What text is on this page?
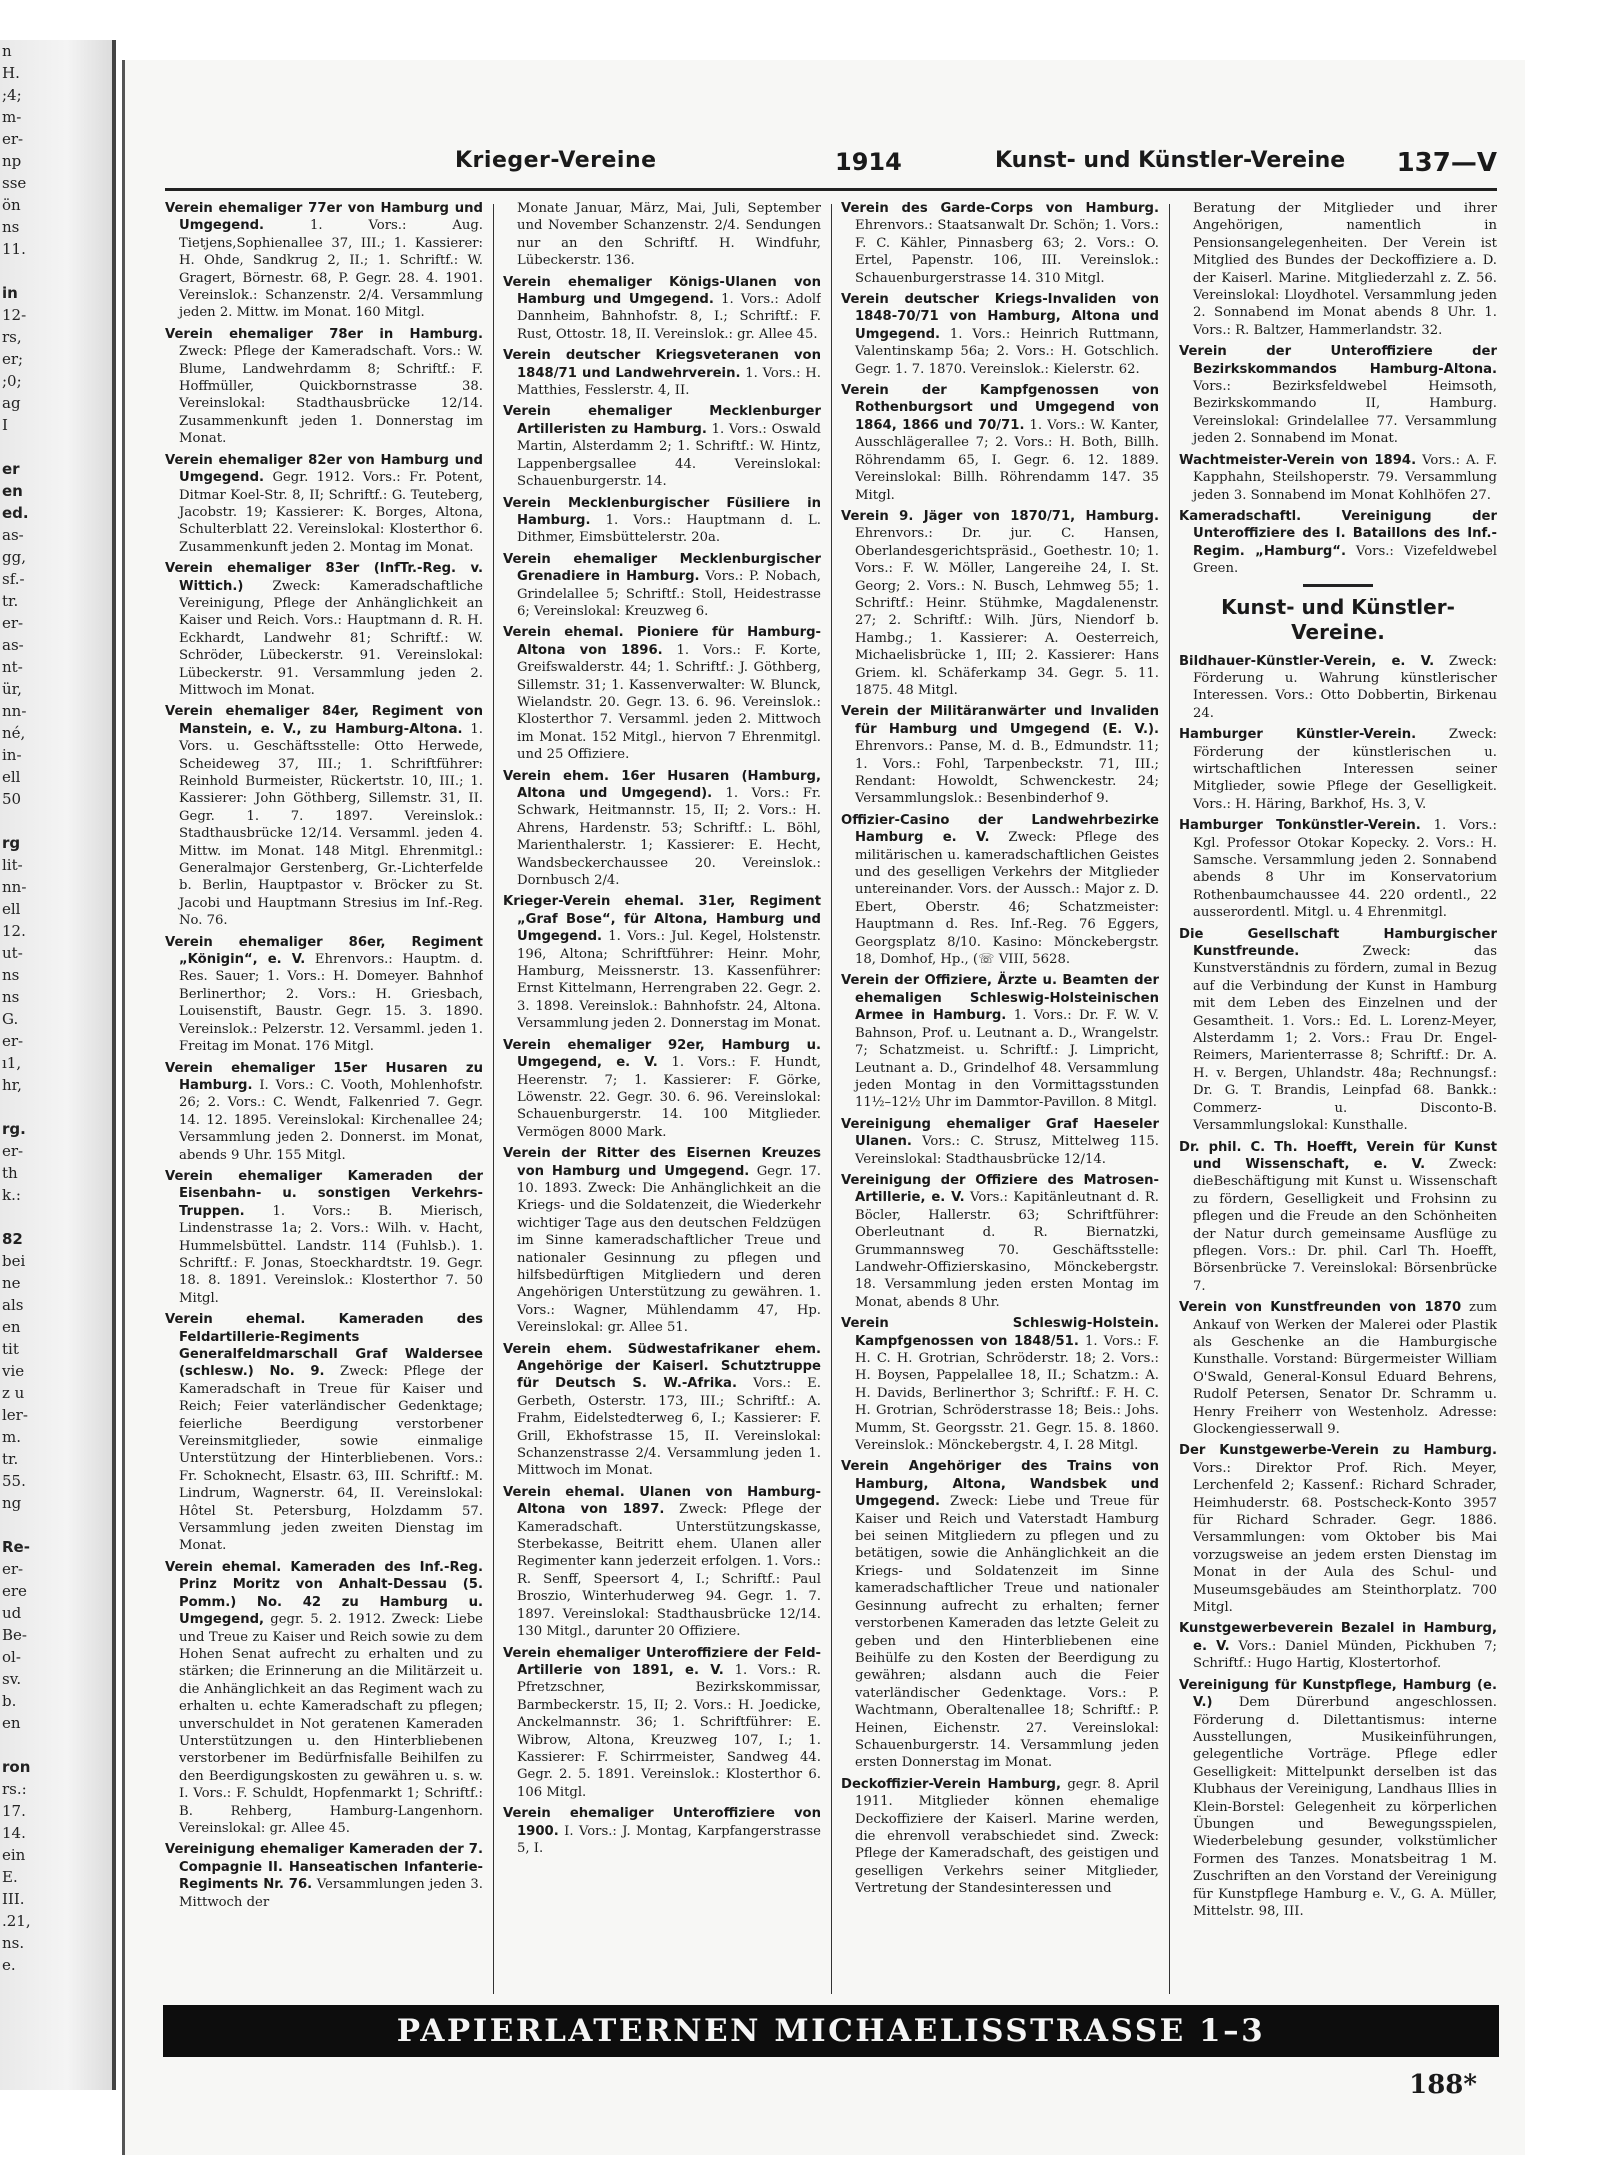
n
H.
;4;
m-
er-
np
sse
ön
ns
11.

in
12-
rs,
er;
;0;
ag
I

er
en
ed.
as-
gg,
sf.-
tr.
er-
as-
nt-
ür,
nn-
né,
in-
ell
50

rg
lit-
nn-
ell
12.
ut-
ns
ns
G.
er-
ı1,
hr,

rg.
er-
th
k.:

82
bei
ne
als
en
tit
vie
z u
ler-
m.
tr.
55.
ng

Re-
er-
ere
ud
Be-
ol-
sv.
b.
en

ron
rs.:
17.
14.
ein
E.
III.
.21,
ns.
e.
Krieger-Vereine	1914	Kunst- und Künstler-Vereine 137—V
Verein ehemaliger 77er von Hamburg und Umgegend.	1. Vors.: Aug. Tietjens,Sophienallee 37, III.; 1. Kassierer: H. Ohde, Sandkrug 2, II.; 1. Schriftf.: W. Gragert, Börnestr. 68, P. Gegr. 28. 4. 1901. Vereinslok.: Schanzenstr. 2/4. Versammlung jeden 2. Mittw. im Monat. 160 Mitgl.
Verein ehemaliger 78er in Hamburg. Zweck: Pflege der Kameradschaft. Vors.: W. Blume, Landwehrdamm 8; Schriftf.: F. Hoffmüller, Quickbornstrasse 38. Vereinslokal: Stadthausbrücke 12/14. Zusammenkunft jeden 1. Donnerstag im Monat.
Verein ehemaliger 82er von Hamburg und Umgegend. Gegr. 1912. Vors.: Fr. Potent, Ditmar Koel-Str. 8, II; Schriftf.: G. Teuteberg, Jacobstr. 19; Kassierer: K. Borges, Altona, Schulterblatt 22. Vereinslokal: Klosterthor 6. Zusammenkunft jeden 2. Montag im Monat.
Verein ehemaliger 83er (InfTr.-Reg. v. Wittich.) Zweck: Kameradschaftliche Vereinigung, Pflege der Anhänglichkeit an Kaiser und Reich. Vors.: Hauptmann d. R. H. Eckhardt, Landwehr 81; Schriftf.: W. Schröder, Lübeckerstr. 91. Vereinslokal: Lübeckerstr. 91. Versammlung jeden 2. Mittwoch im Monat.
Verein ehemaliger 84er, Regiment von Manstein, e. V., zu Hamburg-Altona. 1. Vors. u. Geschäftsstelle: Otto Herwede, Scheideweg 37, III.; 1. Schriftführer: Reinhold Burmeister, Rückertstr. 10, III.; 1. Kassierer: John Göthberg, Sillemstr. 31, II. Gegr. 1. 7. 1897. Vereinslok.: Stadthausbrücke 12/14. Versamml. jeden 4. Mittw. im Monat. 148 Mitgl. Ehrenmitgl.: Generalmajor Gerstenberg, Gr.-Lichterfelde b. Berlin, Hauptpastor v. Bröcker zu St. Jacobi und Hauptmann Stresius im Inf.-Reg. No. 76.
Verein ehemaliger 86er, Regiment „Königin“, e. V. Ehrenvors.: Hauptm. d. Res. Sauer; 1. Vors.: H. Domeyer. Bahnhof Berlinerthor; 2. Vors.: H. Griesbach, Louisenstift, Baustr. Gegr. 15. 3. 1890. Vereinslok.: Pelzerstr. 12. Versamml. jeden 1. Freitag im Monat. 176 Mitgl.
Verein ehemaliger 15er Husaren zu Hamburg. I. Vors.: C. Vooth, Mohlenhofstr. 26; 2. Vors.: C. Wendt, Falkenried 7. Gegr. 14. 12. 1895. Vereinslokal: Kirchenallee 24; Versammlung jeden 2. Donnerst. im Monat, abends 9 Uhr. 155 Mitgl.
Verein ehemaliger Kameraden der Eisenbahn- u. sonstigen Verkehrs-Truppen. 1. Vors.: B. Mierisch, Lindenstrasse 1a; 2. Vors.: Wilh. v. Hacht, Hummelsbüttel. Landstr. 114 (Fuhlsb.). 1. Schriftf.: F. Jonas, Stoeckhardtstr. 19. Gegr. 18. 8. 1891. Vereinslok.: Klosterthor 7. 50 Mitgl.
Verein ehemal. Kameraden des Feldartillerie-Regiments Generalfeldmarschall Graf Waldersee (schlesw.) No. 9. Zweck: Pflege der Kameradschaft in Treue für Kaiser und Reich; Feier vaterländischer Gedenktage; feierliche Beerdigung verstorbener Vereinsmitglieder, sowie einmalige Unterstützung der Hinterbliebenen. Vors.: Fr. Schoknecht, Elsastr. 63, III. Schriftf.: M. Lindrum, Wagnerstr. 64, II. Vereinslokal: Hôtel St. Petersburg, Holzdamm 57. Versammlung jeden zweiten Dienstag im Monat.
Verein ehemal. Kameraden des Inf.-Reg. Prinz Moritz von Anhalt-Dessau (5. Pomm.) No. 42 zu Hamburg u. Umgegend, gegr. 5. 2. 1912. Zweck: Liebe und Treue zu Kaiser und Reich sowie zu dem Hohen Senat aufrecht zu erhalten und zu stärken; die Erinnerung an die Militärzeit u. die Anhänglichkeit an das Regiment wach zu erhalten u. echte Kameradschaft zu pflegen; unverschuldet in Not geratenen Kameraden Unterstützungen u. den Hinterbliebenen verstorbener im Bedürfnisfalle Beihilfen zu den Beerdigungskosten zu gewähren u. s. w. I. Vors.: F. Schuldt, Hopfenmarkt 1; Schriftf.: B. Rehberg, Hamburg-Langenhorn. Vereinslokal: gr. Allee 45.
Vereinigung ehemaliger Kameraden der 7. Compagnie II. Hanseatischen Infanterie-Regiments Nr. 76. Versammlungen jeden 3. Mittwoch der
Monate Januar, März, Mai, Juli, September und November Schanzenstr. 2/4. Sendungen nur an den Schriftf. H. Windfuhr, Lübeckerstr. 136.
Verein ehemaliger Königs-Ulanen von Hamburg und Umgegend. 1. Vors.: Adolf Dannheim, Bahnhofstr. 8, I.; Schriftf.: F. Rust, Ottostr. 18, II. Vereinslok.: gr. Allee 45.
Verein deutscher Kriegsveteranen von 1848/71 und Landwehrverein. 1. Vors.: H. Matthies, Fesslerstr. 4, II.
Verein ehemaliger Mecklenburger Artilleristen zu Hamburg. 1. Vors.: Oswald Martin, Alsterdamm 2; 1. Schriftf.: W. Hintz, Lappenbergsallee 44. Vereinslokal: Schauenburgerstr. 14.
Verein Mecklenburgischer Füsiliere in Hamburg. 1. Vors.: Hauptmann d. L. Dithmer, Eimsbüttelerstr. 20a.
Verein ehemaliger Mecklenburgischer Grenadiere in Hamburg. Vors.: P. Nobach, Grindelallee 5; Schriftf.: Stoll, Heidestrasse 6; Vereinslokal: Kreuzweg 6.
Verein ehemal. Pioniere für Hamburg-Altona von 1896. 1. Vors.: F. Korte, Greifswalderstr. 44; 1. Schriftf.: J. Göthberg, Sillemstr. 31; 1. Kassenverwalter: W. Blunck, Wielandstr. 20. Gegr. 13. 6. 96. Vereinslok.: Klosterthor 7. Versamml. jeden 2. Mittwoch im Monat. 152 Mitgl., hiervon 7 Ehrenmitgl. und 25 Offiziere.
Verein ehem. 16er Husaren (Hamburg, Altona und Umgegend). 1. Vors.: Fr. Schwark, Heitmannstr. 15, II; 2. Vors.: H. Ahrens, Hardenstr. 53; Schriftf.: L. Böhl, Marienthalerstr. 1; Kassierer: E. Hecht, Wandsbeckerchaussee 20. Vereinslok.: Dornbusch 2/4.
Krieger-Verein ehemal. 31er, Regiment „Graf Bose“, für Altona, Hamburg und Umgegend. 1. Vors.: Jul. Kegel, Holstenstr. 196, Altona; Schriftführer: Heinr. Mohr, Hamburg, Meissnerstr. 13. Kassenführer: Ernst Kittelmann, Herrengraben 22. Gegr. 2. 3. 1898. Vereinslok.: Bahnhofstr. 24, Altona. Versammlung jeden 2. Donnerstag im Monat.
Verein ehemaliger 92er, Hamburg u. Umgegend, e. V. 1. Vors.: F. Hundt, Heerenstr. 7; 1. Kassierer: F. Görke, Löwenstr. 22. Gegr. 30. 6. 96. Vereinslokal: Schauenburgerstr. 14. 100 Mitglieder. Vermögen 8000 Mark.
Verein der Ritter des Eisernen Kreuzes von Hamburg und Umgegend. Gegr. 17. 10. 1893. Zweck: Die Anhänglichkeit an die Kriegs- und die Soldatenzeit, die Wiederkehr wichtiger Tage aus den deutschen Feldzügen im Sinne kameradschaftlicher Treue und nationaler Gesinnung zu pflegen und hilfsbedürftigen Mitgliedern und deren Angehörigen Unterstützung zu gewähren. 1. Vors.: Wagner, Mühlendamm 47, Hp. Vereinslokal: gr. Allee 51.
Verein ehem. Südwestafrikaner ehem. Angehörige der Kaiserl. Schutztruppe für Deutsch S. W.-Afrika. Vors.: E. Gerbeth, Osterstr. 173, III.; Schriftf.: A. Frahm, Eidelstedterweg 6, I.; Kassierer: F. Grill, Ekhofstrasse 15, II. Vereinslokal: Schanzenstrasse 2/4. Versammlung jeden 1. Mittwoch im Monat.
Verein ehemal. Ulanen von Hamburg-Altona von 1897. Zweck: Pflege der Kameradschaft. Unterstützungskasse, Sterbekasse, Beitritt ehem. Ulanen aller Regimenter kann jederzeit erfolgen. 1. Vors.: R. Senff, Speersort 4, I.; Schriftf.: Paul Broszio, Winterhuderweg 94. Gegr. 1. 7. 1897. Vereinslokal: Stadthausbrücke 12/14. 130 Mitgl., darunter 20 Offiziere.
Verein ehemaliger Unteroffiziere der Feld-Artillerie von 1891, e. V. 1. Vors.: R. Pfretzschner, Bezirkskommissar, Barmbeckerstr. 15, II; 2. Vors.: H. Joedicke, Anckelmannstr. 36; 1. Schriftführer: E. Wibrow, Altona, Kreuzweg 107, I.; 1. Kassierer: F. Schirrmeister, Sandweg 44. Gegr. 2. 5. 1891. Vereinslok.: Klosterthor 6. 106 Mitgl.
Verein ehemaliger Unteroffiziere von 1900. I. Vors.: J. Montag, Karpfangerstrasse 5, I.
Verein des Garde-Corps von Hamburg. Ehrenvors.: Staatsanwalt Dr. Schön; 1. Vors.: F. C. Kähler, Pinnasberg 63; 2. Vors.: O. Ertel, Papenstr. 106, III. Vereinslok.: Schauenburgerstrasse 14. 310 Mitgl.
Verein deutscher Kriegs-Invaliden von 1848-70/71 von Hamburg, Altona und Umgegend. 1. Vors.: Heinrich Ruttmann, Valentinskamp 56a; 2. Vors.: H. Gotschlich. Gegr. 1. 7. 1870. Vereinslok.: Kielerstr. 62.
Verein der Kampfgenossen von Rothenburgsort und Umgegend von 1864, 1866 und 70/71. 1. Vors.: W. Kanter, Ausschlägerallee 7; 2. Vors.: H. Both, Billh. Röhrendamm 65, I. Gegr. 6. 12. 1889. Vereinslokal: Billh. Röhrendamm 147. 35 Mitgl.
Verein 9. Jäger von 1870/71, Hamburg. Ehrenvors.: Dr. jur. C. Hansen, Oberlandesgerichtspräsid., Goethestr. 10; 1. Vors.: F. W. Möller, Langereihe 24, I. St. Georg; 2. Vors.: N. Busch, Lehmweg 55; 1. Schriftf.: Heinr. Stühmke, Magdalenenstr. 27; 2. Schriftf.: Wilh. Jürs, Niendorf b. Hambg.; 1. Kassierer: A. Oesterreich, Michaelisbrücke 1, III; 2. Kassierer: Hans Griem. kl. Schäferkamp 34. Gegr. 5. 11. 1875. 48 Mitgl.
Verein der Militäranwärter und Invaliden für Hamburg und Umgegend (E. V.). Ehrenvors.: Panse, M. d. B., Edmundstr. 11; 1. Vors.: Fohl, Tarpenbeckstr. 71, III.; Rendant: Howoldt, Schwenckestr. 24; Versammlungslok.: Besenbinderhof 9.
Offizier-Casino der Landwehrbezirke Hamburg e. V. Zweck: Pflege des militärischen u. kameradschaftlichen Geistes und des geselligen Verkehrs der Mitglieder untereinander. Vors. der Aussch.: Major z. D. Ebert, Oberstr. 46; Schatzmeister: Hauptmann d. Res. Inf.-Reg. 76 Eggers, Georgsplatz 8/10. Kasino: Mönckebergstr. 18, Domhof, Hp., (☏ VIII, 5628.
Verein der Offiziere, Ärzte u. Beamten der ehemaligen Schleswig-Holsteinischen Armee in Hamburg. 1. Vors.: Dr. F. W. V. Bahnson, Prof. u. Leutnant a. D., Wrangelstr. 7; Schatzmeist. u. Schriftf.: J. Limpricht, Leutnant a. D., Grindelhof 48. Versammlung jeden Montag in den Vormittagsstunden 11½–12½ Uhr im Dammtor-Pavillon. 8 Mitgl.
Vereinigung ehemaliger Graf Haeseler Ulanen. Vors.: C. Strusz, Mittelweg 115. Vereinslokal: Stadthausbrücke 12/14.
Vereinigung der Offiziere des Matrosen-Artillerie, e. V. Vors.: Kapitänleutnant d. R. Böcler, Hallerstr. 63; Schriftführer: Oberleutnant d. R. Biernatzki, Grummannsweg 70. Geschäftsstelle: Landwehr-Offizierskasino, Mönckebergstr. 18. Versammlung jeden ersten Montag im Monat, abends 8 Uhr.
Verein Schleswig-Holstein. Kampfgenossen von 1848/51. 1. Vors.: F. H. C. H. Grotrian, Schröderstr. 18; 2. Vors.: H. Boysen, Pappelallee 18, II.; Schatzm.: A. H. Davids, Berlinerthor 3; Schriftf.: F. H. C. H. Grotrian, Schröderstrasse 18; Beis.: Johs. Mumm, St. Georgsstr. 21. Gegr. 15. 8. 1860. Vereinslok.: Mönckebergstr. 4, I. 28 Mitgl.
Verein Angehöriger des Trains von Hamburg, Altona, Wandsbek und Umgegend. Zweck: Liebe und Treue für Kaiser und Reich und Vaterstadt Hamburg bei seinen Mitgliedern zu pflegen und zu betätigen, sowie die Anhänglichkeit an die Kriegs- und Soldatenzeit im Sinne kameradschaftlicher Treue und nationaler Gesinnung aufrecht zu erhalten; ferner verstorbenen Kameraden das letzte Geleit zu geben und den Hinterbliebenen eine Beihülfe zu den Kosten der Beerdigung zu gewähren; alsdann auch die Feier vaterländischer Gedenktage. Vors.: P. Wachtmann, Oberaltenallee 18; Schriftf.: P. Heinen, Eichenstr. 27. Vereinslokal: Schauenburgerstr. 14. Versammlung jeden ersten Donnerstag im Monat.
Deckoffizier-Verein Hamburg, gegr. 8. April 1911. Mitglieder können ehemalige Deckoffiziere der Kaiserl. Marine werden, die ehrenvoll verabschiedet sind. Zweck: Pflege der Kameradschaft, des geistigen und geselligen Verkehrs seiner Mitglieder, Vertretung der Standesinteressen und
Beratung der Mitglieder und ihrer Angehörigen, namentlich in Pensionsangelegenheiten. Der Verein ist Mitglied des Bundes der Deckoffiziere a. D. der Kaiserl. Marine. Mitgliederzahl z. Z. 56. Vereinslokal: Lloydhotel. Versammlung jeden 2. Sonnabend im Monat abends 8 Uhr. 1. Vors.: R. Baltzer, Hammerlandstr. 32.
Verein der Unteroffiziere der Bezirkskommandos Hamburg-Altona. Vors.: Bezirksfeldwebel Heimsoth, Bezirkskommando II, Hamburg. Vereinslokal: Grindelallee 77. Versammlung jeden 2. Sonnabend im Monat.
Wachtmeister-Verein von 1894. Vors.: A. F. Kapphahn, Steilshoperstr. 79. Versammlung jeden 3. Sonnabend im Monat Kohlhöfen 27.
Kameradschaftl. Vereinigung der Unteroffiziere des I. Bataillons des Inf.-Regim. „Hamburg“. Vors.: Vizefeldwebel Green.
Kunst- und Künstler-Vereine.
Bildhauer-Künstler-Verein, e. V. Zweck: Förderung u. Wahrung künstlerischer Interessen. Vors.: Otto Dobbertin, Birkenau 24.
Hamburger Künstler-Verein. Zweck: Förderung der künstlerischen u. wirtschaftlichen Interessen seiner Mitglieder, sowie Pflege der Geselligkeit. Vors.: H. Häring, Barkhof, Hs. 3, V.
Hamburger Tonkünstler-Verein. 1. Vors.: Kgl. Professor Otokar Kopecky. 2. Vors.: H. Samsche. Versammlung jeden 2. Sonnabend abends 8 Uhr im Konservatorium Rothenbaumchaussee 44. 220 ordentl., 22 ausserordentl. Mitgl. u. 4 Ehrenmitgl.
Die Gesellschaft Hamburgischer Kunstfreunde.	Zweck: das Kunstverständnis zu fördern, zumal in Bezug auf die Verbindung der Kunst in Hamburg mit dem Leben des Einzelnen und der Gesamtheit. 1. Vors.: Ed. L. Lorenz-Meyer, Alsterdamm 1; 2. Vors.: Frau Dr. Engel-Reimers, Marienterrasse 8; Schriftf.: Dr. A. H. v. Bergen, Uhlandstr. 48a; Rechnungsf.: Dr. G. T. Brandis, Leinpfad 68. Bankk.: Commerz- u. Disconto-B. Versammlungslokal: Kunsthalle.
Dr. phil. C. Th. Hoefft, Verein für Kunst und Wissenschaft, e. V. Zweck: dieBeschäftigung mit Kunst u. Wissenschaft zu fördern, Geselligkeit und Frohsinn zu pflegen und die Freude an den Schönheiten der Natur durch gemeinsame Ausflüge zu pflegen. Vors.: Dr. phil. Carl Th. Hoefft, Börsenbrücke 7. Vereinslokal: Börsenbrücke 7.
Verein von Kunstfreunden von 1870 zum Ankauf von Werken der Malerei oder Plastik als Geschenke an die Hamburgische Kunsthalle. Vorstand: Bürgermeister William O'Swald, General-Konsul Eduard Behrens, Rudolf Petersen, Senator Dr. Schramm u. Henry Freiherr von Westenholz. Adresse: Glockengiesserwall 9.
Der Kunstgewerbe-Verein zu Hamburg. Vors.: Direktor Prof. Rich. Meyer, Lerchenfeld 2; Kassenf.: Richard Schrader, Heimhuderstr. 68. Postscheck-Konto 3957 für Richard Schrader. Gegr. 1886. Versammlungen: vom Oktober bis Mai vorzugsweise an jedem ersten Dienstag im Monat in der Aula des Schul- und Museumsgebäudes am Steinthorplatz. 700 Mitgl.
Kunstgewerbeverein Bezalel in Hamburg, e. V. Vors.: Daniel Münden, Pickhuben 7; Schriftf.: Hugo Hartig, Klostertorhof.
Vereinigung für Kunstpflege, Hamburg (e. V.) Dem Dürerbund angeschlossen. Förderung d. Dilettantismus: interne Ausstellungen, Musikeinführungen, gelegentliche Vorträge. Pflege edler Geselligkeit: Mittelpunkt derselben ist das Klubhaus der Vereinigung, Landhaus Illies in Klein-Borstel: Gelegenheit zu körperlichen Übungen und Bewegungsspielen, Wiederbelebung gesunder, volkstümlicher Formen des Tanzes. Monatsbeitrag 1 M. Zuschriften an den Vorstand der Vereinigung für Kunstpflege Hamburg e. V., G. A. Müller, Mittelstr. 98, III.
PAPIERLATERNEN MICHAELISSTRASSE 1–3
188*
